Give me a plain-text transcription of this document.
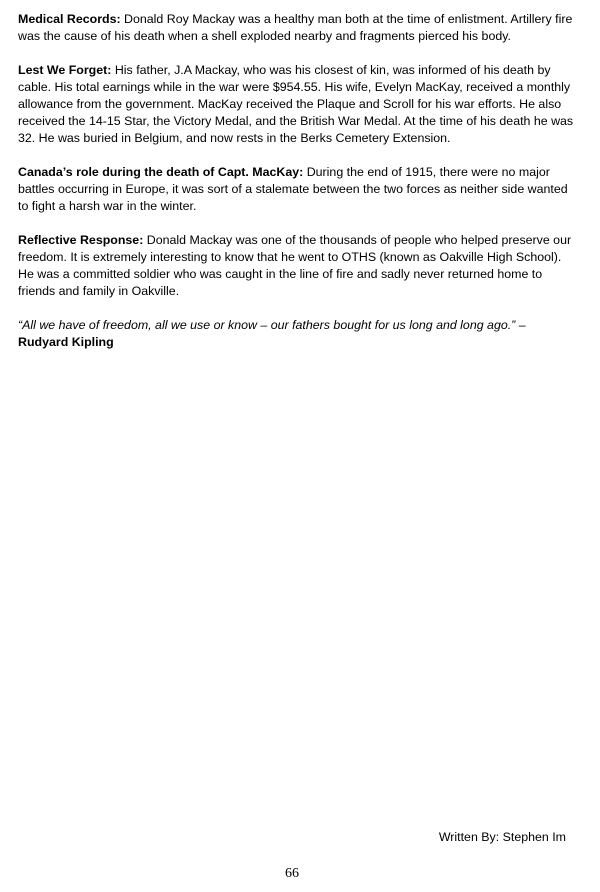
Medical Records: Donald Roy Mackay was a healthy man both at the time of enlistment. Artillery fire was the cause of his death when a shell exploded nearby and fragments pierced his body.

Lest We Forget: His father, J.A Mackay, who was his closest of kin, was informed of his death by cable. His total earnings while in the war were $954.55. His wife, Evelyn MacKay, received a monthly allowance from the government. MacKay received the Plaque and Scroll for his war efforts. He also received the 14-15 Star, the Victory Medal, and the British War Medal. At the time of his death he was 32. He was buried in Belgium, and now rests in the Berks Cemetery Extension.

Canada’s role during the death of Capt. MacKay: During the end of 1915, there were no major battles occurring in Europe, it was sort of a stalemate between the two forces as neither side wanted to fight a harsh war in the winter.

Reflective Response: Donald Mackay was one of the thousands of people who helped preserve our freedom. It is extremely interesting to know that he went to OTHS (known as Oakville High School). He was a committed soldier who was caught in the line of fire and sadly never returned home to friends and family in Oakville.

“All we have of freedom, all we use or know – our fathers bought for us long and long ago.” –
Rudyard Kipling

Written By: Stephen Im
66
